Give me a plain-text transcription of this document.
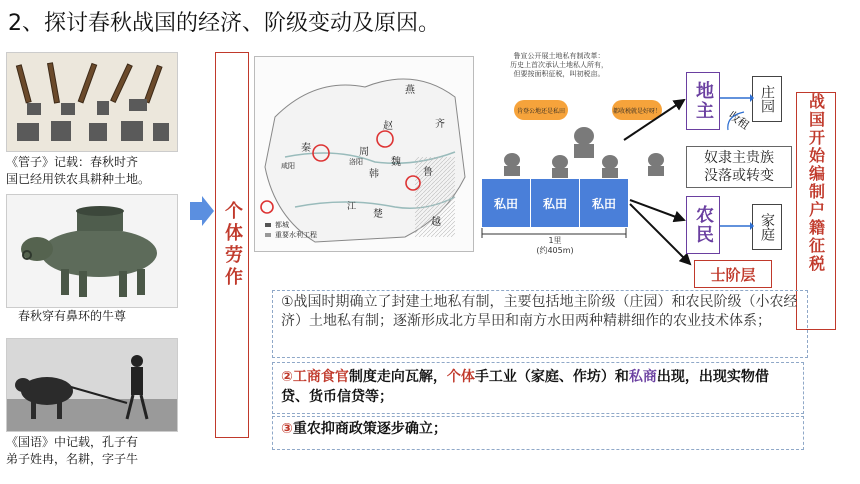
2、探讨春秋战国的经济、阶级变动及原因。
《管子》记载：春秋时齐
国已经用铁农具耕种土地。
春秋穿有鼻环的牛尊
《国语》中记载，孔子有
弟子姓冉，名耕，字子牛
个体劳作
燕
赵	齐
鲁
周
韩
魏
楚
秦
越
江
洛阳
咸阳
都城
重要水利工程
鲁宣公开展土地私有制改革：
历史上首次承认土地私人所有，
但要按面积征税，叫初税亩。
肯登公地还是私田	都收税就是好呀！
私田	私田	私田
1里
(约405m)
地主	庄园
收租
奴隶主贵族
没落或转变
农民	家庭
士阶层
战国开始编制户籍征税
①战国时期确立了封建土地私有制，主要包括地主阶级（庄园）和农民阶级（小农经济）土地私有制；逐渐形成北方旱田和南方水田两种精耕细作的农业技术体系；
②工商食官制度走向瓦解，个体手工业（家庭、作坊）和私商出现，出现实物借贷、货币信贷等；
③重农抑商政策逐步确立；
